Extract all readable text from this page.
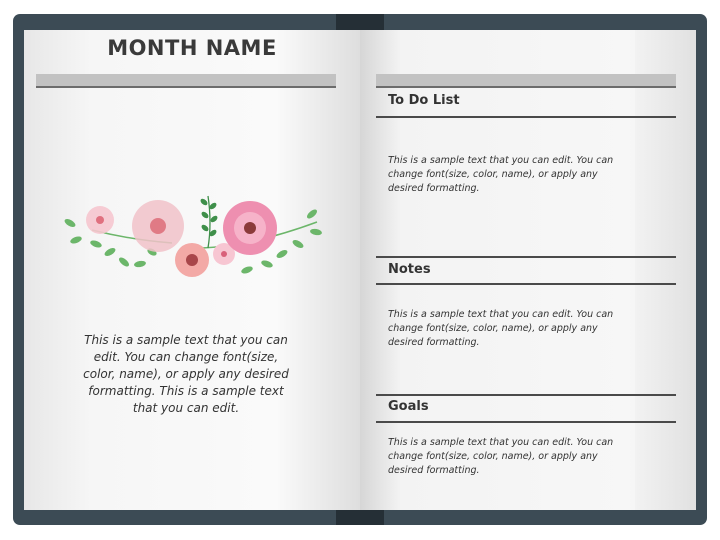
MONTH NAME
This is a sample text that you can edit. You can change font(size, color, name), or apply any desired formatting. This is a sample text that you can edit.
To Do List
This is a sample text that you can edit. You can change font(size, color, name), or apply any desired formatting.
Notes
This is a sample text that you can edit. You can change font(size, color, name), or apply any desired formatting.
Goals
This is a sample text that you can edit. You can change font(size, color, name), or apply any desired formatting.
